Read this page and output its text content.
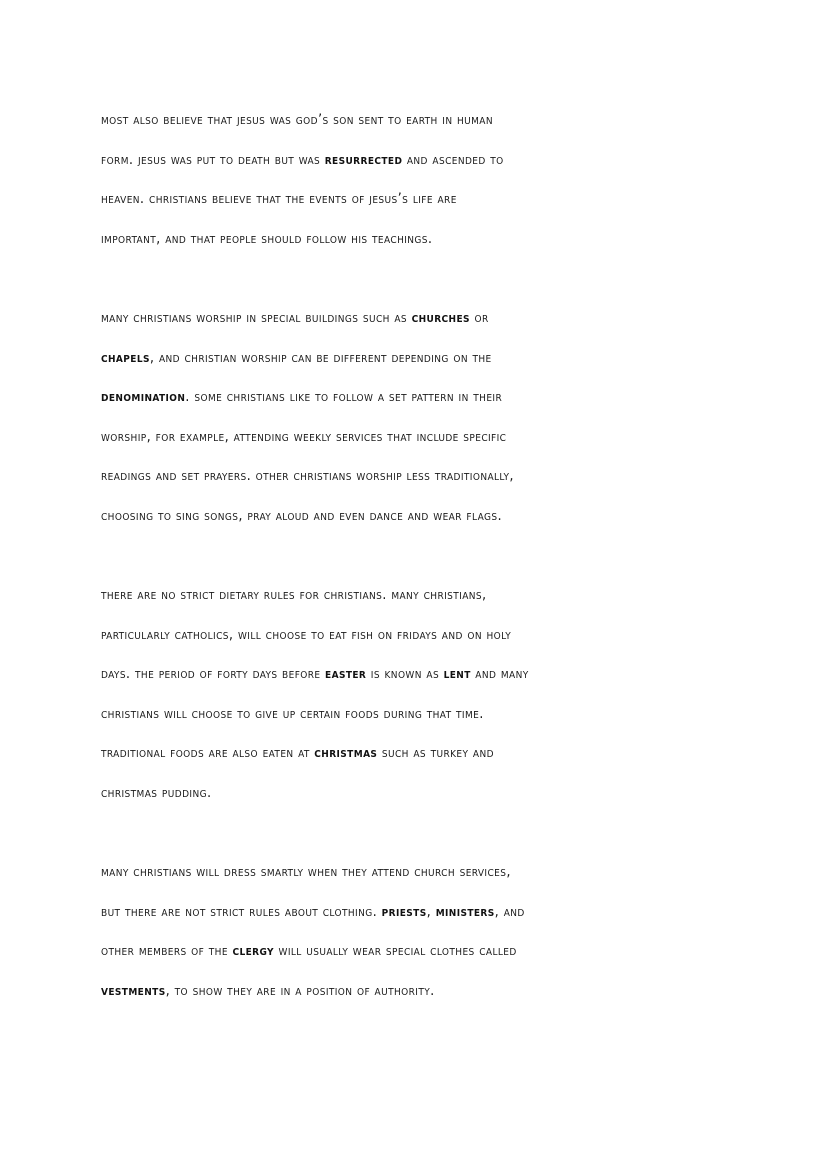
most also believe that jesus was god’s son sent to earth in human
form. jesus was put to death but was resurrected and ascended to
heaven. christians believe that the events of jesus’s life are
important, and that people should follow his teachings.

many christians worship in special buildings such as churches or
chapels, and christian worship can be different depending on the
denomination. some christians like to follow a set pattern in their
worship, for example, attending weekly services that include specific
readings and set prayers. other christians worship less traditionally,
choosing to sing songs, pray aloud and even dance and wear flags.

there are no strict dietary rules for christians. many christians,
particularly catholics, will choose to eat fish on fridays and on holy
days. the period of forty days before easter is known as lent and many
christians will choose to give up certain foods during that time.
traditional foods are also eaten at christmas such as turkey and
christmas pudding.

many christians will dress smartly when they attend church services,
but there are not strict rules about clothing. priests, ministers, and
other members of the clergy will usually wear special clothes called
vestments, to show they are in a position of authority.
